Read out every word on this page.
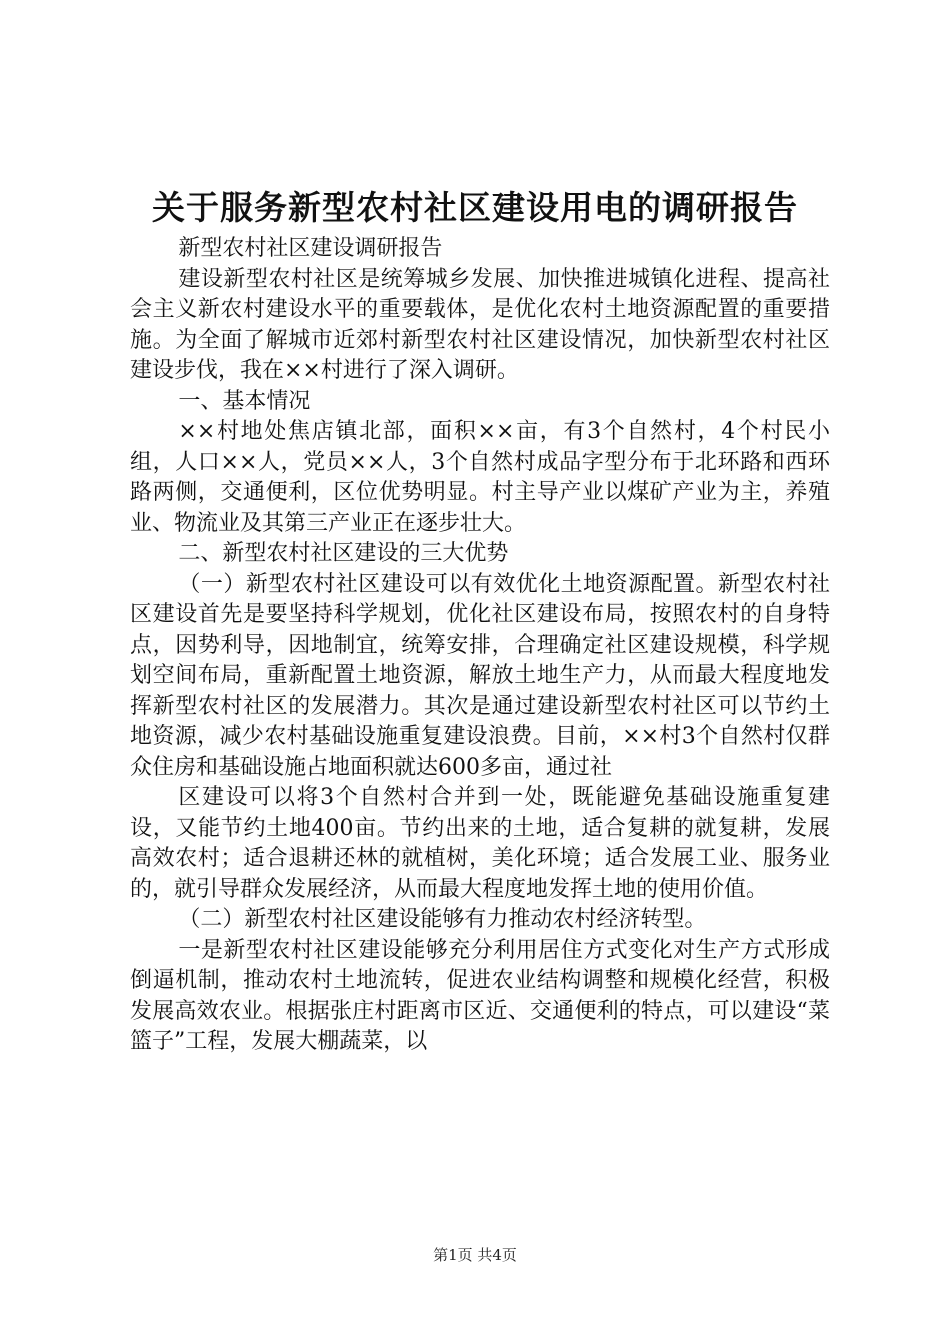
关于服务新型农村社区建设用电的调研报告

新型农村社区建设调研报告

建设新型农村社区是统筹城乡发展、加快推进城镇化进程、提高社会主义新农村建设水平的重要载体，是优化农村土地资源配置的重要措施。为全面了解城市近郊村新型农村社区建设情况，加快新型农村社区建设步伐，我在××村进行了深入调研。

一、基本情况

××村地处焦店镇北部，面积××亩，有3个自然村，4个村民小组，人口××人，党员××人，3个自然村成品字型分布于北环路和西环路两侧，交通便利，区位优势明显。村主导产业以煤矿产业为主，养殖业、物流业及其第三产业正在逐步壮大。

二、新型农村社区建设的三大优势

（一）新型农村社区建设可以有效优化土地资源配置。新型农村社区建设首先是要坚持科学规划，优化社区建设布局，按照农村的自身特点，因势利导，因地制宜，统筹安排，合理确定社区建设规模，科学规划空间布局，重新配置土地资源，解放土地生产力，从而最大程度地发挥新型农村社区的发展潜力。其次是通过建设新型农村社区可以节约土地资源，减少农村基础设施重复建设浪费。目前，××村3个自然村仅群众住房和基础设施占地面积就达600多亩，通过社

区建设可以将3个自然村合并到一处，既能避免基础设施重复建设，又能节约土地400亩。节约出来的土地，适合复耕的就复耕，发展高效农村；适合退耕还林的就植树，美化环境；适合发展工业、服务业的，就引导群众发展经济，从而最大程度地发挥土地的使用价值。

（二）新型农村社区建设能够有力推动农村经济转型。

一是新型农村社区建设能够充分利用居住方式变化对生产方式形成倒逼机制，推动农村土地流转，促进农业结构调整和规模化经营，积极发展高效农业。根据张庄村距离市区近、交通便利的特点，可以建设“菜篮子”工程，发展大棚蔬菜，以

第1页 共4页
